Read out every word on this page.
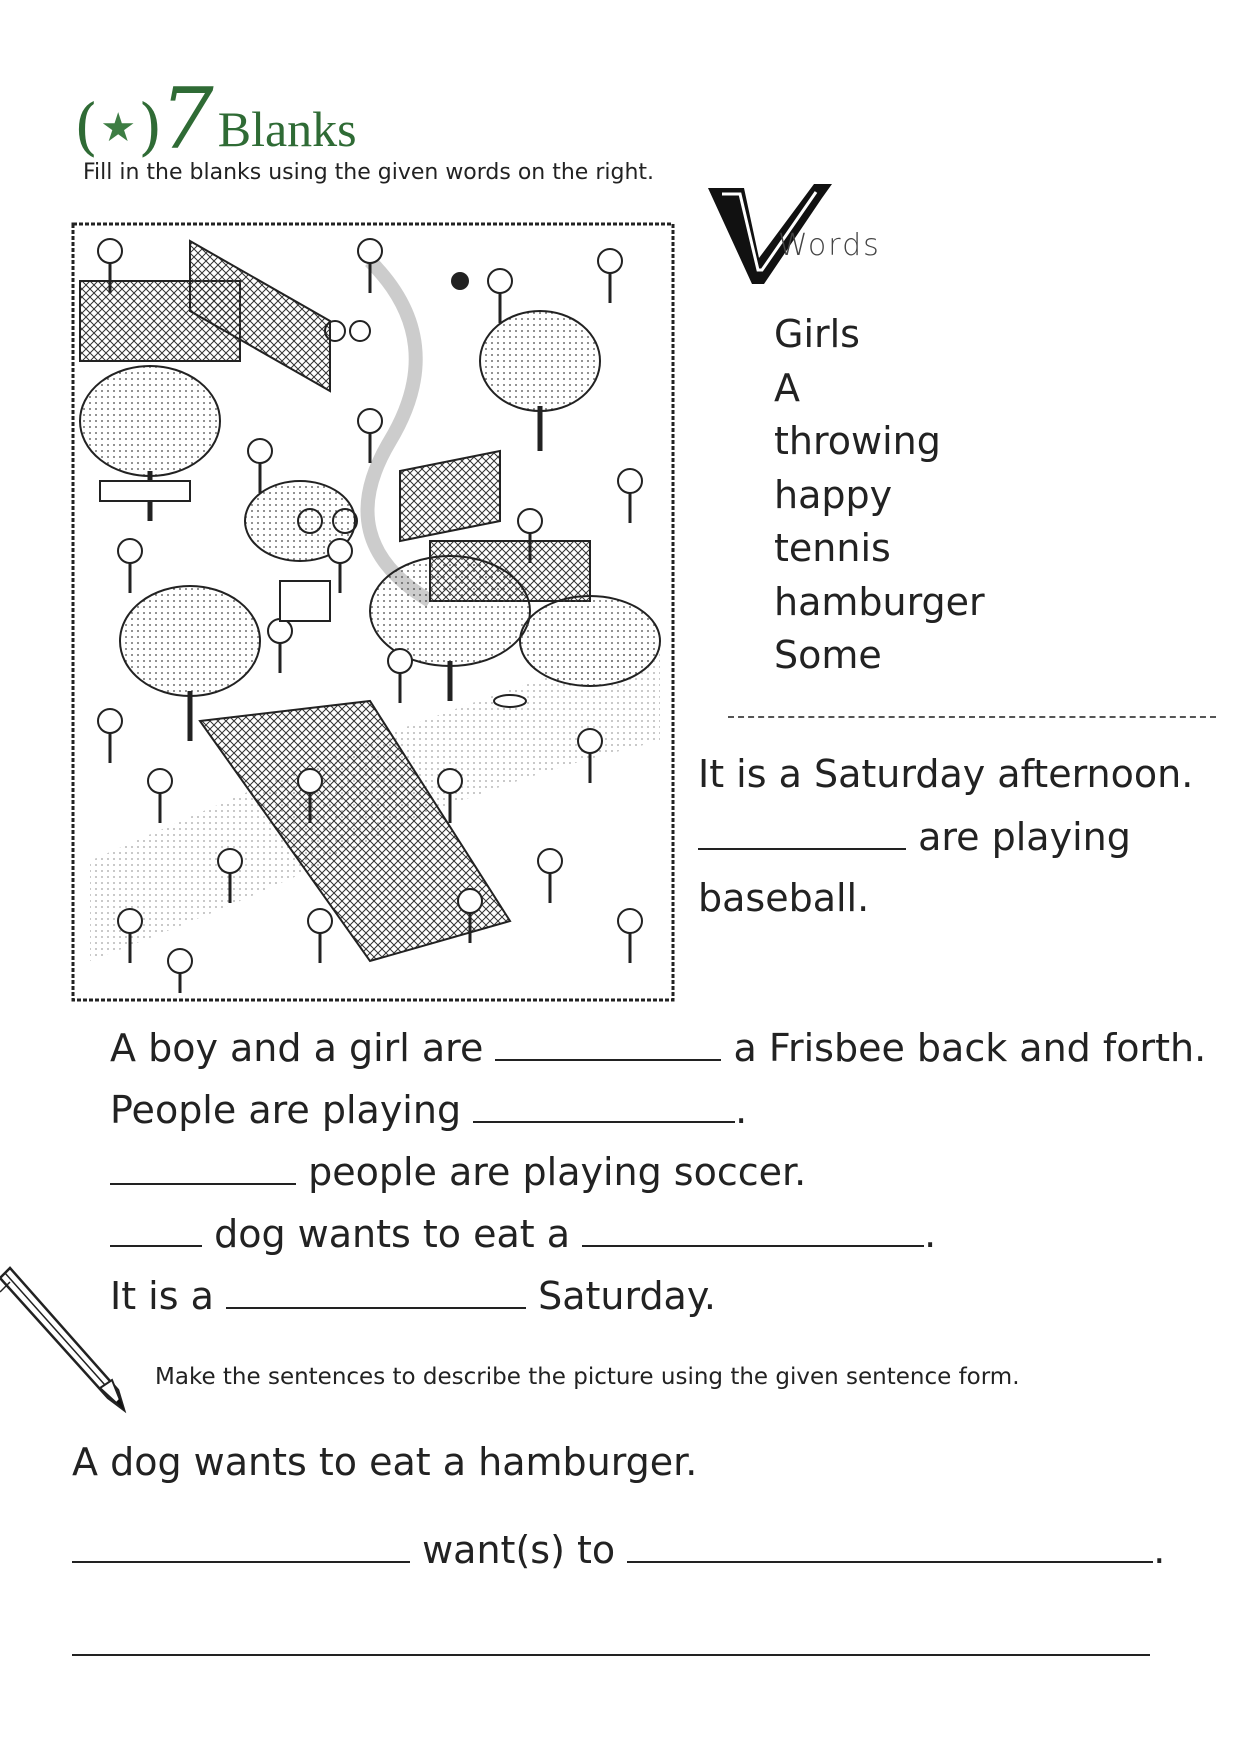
( ★ )
7 Blanks
Fill in the blanks using the given words on the right.
Words
Girls
A
throwing
happy
tennis
hamburger
Some
It is a Saturday afternoon.
are playing
baseball.
A boy and a girl are	a Frisbee back and forth.
People are playing	.
people are playing soccer.
dog wants to eat a	.
It is a	Saturday.
Make the sentences to describe the picture using the given sentence form.
A dog wants to eat a hamburger.
want(s) to	.
